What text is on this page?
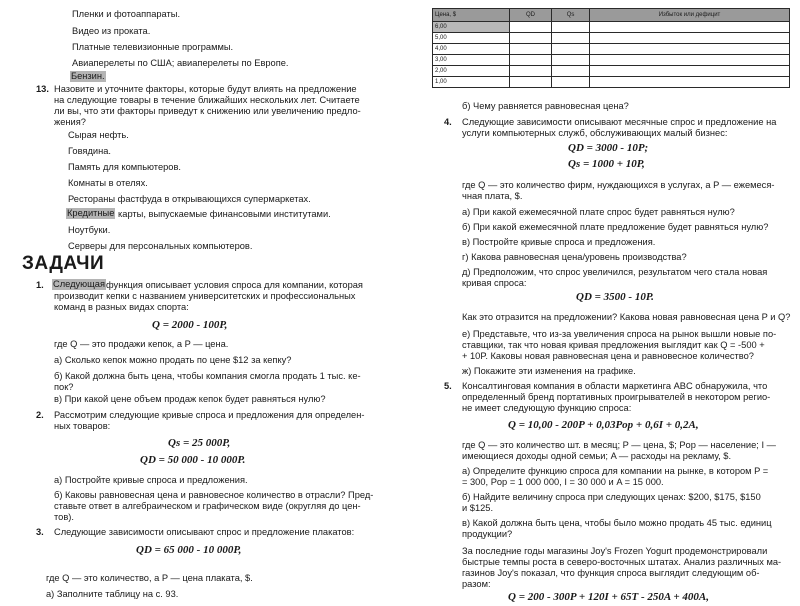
Пленки и фотоаппараты.
Видео из проката.
Платные телевизионные программы.
Авиаперелеты по США; авиаперелеты по Европе.
Бензин.
13. Назовите и уточните факторы, которые будут влиять на предложение
на следующие товары в течение ближайших нескольких лет. Считаете
ли вы, что эти факторы приведут к снижению или увеличению предло-
жения?
Сырая нефть.
Говядина.
Память для компьютеров.
Комнаты в отелях.
Рестораны фастфуда в открывающихся супермаркетах.
Кредитные карты, выпускаемые финансовыми институтами.
Ноутбуки.
Серверы для персональных компьютеров.
ЗАДАЧИ
1. Следующая функция описывает условия спроса для компании, которая
производит кепки с названием университетских и профессиональных
команд в разных видах спорта:
Q = 2000 - 100P,
где Q — это продажи кепок, а P — цена.
а) Сколько кепок можно продать по цене $12 за кепку?
б) Какой должна быть цена, чтобы компания смогла продать 1 тыс. ке-
пок?
в) При какой цене объем продаж кепок будет равняться нулю?
2. Рассмотрим следующие кривые спроса и предложения для определен-
ных товаров:
Qs = 25 000P,
QD = 50 000 - 10 000P.
а) Постройте кривые спроса и предложения.
б) Каковы равновесная цена и равновесное количество в отрасли? Пред-
ставьте ответ в алгебраическом и графическом виде (округляя до цен-
тов).
3. Следующие зависимости описывают спрос и предложение плакатов:
QD = 65 000 - 10 000P,
где Q — это количество, а P — цена плаката, $.
а) Заполните таблицу на с. 93.
Цена, $	QD	Qs	Избыток или дефицит
6,00			
5,00			
4,00			
3,00			
2,00			
1,00			
б) Чему равняется равновесная цена?
4. Следующие зависимости описывают месячные спрос и предложение на
услуги компьютерных служб, обслуживающих малый бизнес:
QD = 3000 - 10P;
Qs = 1000 + 10P,
где Q — это количество фирм, нуждающихся в услугах, а P — ежемеся-
чная плата, $.
а) При какой ежемесячной плате спрос будет равняться нулю?
б) При какой ежемесячной плате предложение будет равняться нулю?
в) Постройте кривые спроса и предложения.
г) Какова равновесная цена/уровень производства?
д) Предположим, что спрос увеличился, результатом чего стала новая
кривая спроса:
QD = 3500 - 10P.
Как это отразится на предложении? Какова новая равновесная цена P и Q?
е) Представьте, что из-за увеличения спроса на рынок вышли новые по-
ставщики, так что новая кривая предложения выглядит как Q = -500 +
+ 10P. Каковы новая равновесная цена и равновесное количество?
ж) Покажите эти изменения на графике.
5. Консалтинговая компания в области маркетинга ABC обнаружила, что
определенный бренд портативных проигрывателей в некотором регио-
не имеет следующую функцию спроса:
Q = 10,00 - 200P + 0,03Pop + 0,6I + 0,2A,
где Q — это количество шт. в месяц; P — цена, $; Pop — население; I —
имеющиеся доходы одной семьи; A — расходы на рекламу, $.
а) Определите функцию спроса для компании на рынке, в котором P =
= 300, Pop = 1 000 000, I = 30 000 и A = 15 000.
б) Найдите величину спроса при следующих ценах: $200, $175, $150
и $125.
в) Какой должна быть цена, чтобы было можно продать 45 тыс. единиц
продукции?
За последние годы магазины Joy's Frozen Yogurt продемонстрировали
быстрые темпы роста в северо-восточных штатах. Анализ различных ма-
газинов Joy's показал, что функция спроса выглядит следующим об-
разом:
Q = 200 - 300P + 120I + 65T - 250A + 400A,
